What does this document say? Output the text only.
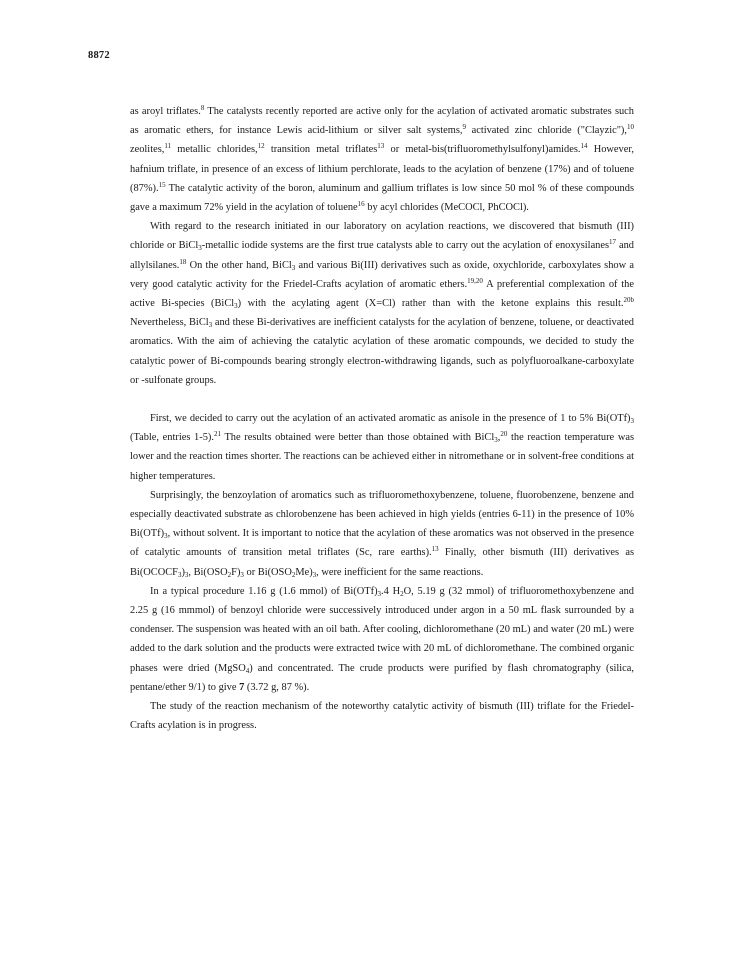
8872

as aroyl triflates.$^8$ The catalysts recently reported are active only for the acylation of activated aromatic substrates such as aromatic ethers, for instance Lewis acid-lithium or silver salt systems,$^9$ activated zinc chloride ("Clayzic"),$^{10}$ zeolites,$^{11}$ metallic chlorides,$^{12}$ transition metal triflates$^{13}$ or metal-bis(trifluoromethylsulfonyl)amides.$^{14}$ However, hafnium triflate, in presence of an excess of lithium perchlorate, leads to the acylation of benzene (17%) and of toluene (87%).$^{15}$ The catalytic activity of the boron, aluminum and gallium triflates is low since 50 mol % of these compounds gave a maximum 72% yield in the acylation of toluene$^{16}$ by acyl chlorides (MeCOCl, PhCOCl).

With regard to the research initiated in our laboratory on acylation reactions, we discovered that bismuth (III) chloride or BiCl$_3$-metallic iodide systems are the first true catalysts able to carry out the acylation of enoxysilanes$^{17}$ and allylsilanes.$^{18}$ On the other hand, BiCl$_3$ and various Bi(III) derivatives such as oxide, oxychloride, carboxylates show a very good catalytic activity for the Friedel-Crafts acylation of aromatic ethers.$^{19,20}$ A preferential complexation of the active Bi-species (BiCl$_3$) with the acylating agent (X=Cl) rather than with the ketone explains this result.$^{20b}$ Nevertheless, BiCl$_3$ and these Bi-derivatives are inefficient catalysts for the acylation of benzene, toluene, or deactivated aromatics. With the aim of achieving the catalytic acylation of these aromatic compounds, we decided to study the catalytic power of Bi-compounds bearing strongly electron-withdrawing ligands, such as polyfluoroalkane-carboxylate or -sulfonate groups.

First, we decided to carry out the acylation of an activated aromatic as anisole in the presence of 1 to 5% $Bi(OTf)_3$ (Table, entries 1-5).$^{21}$ The results obtained were better than those obtained with BiCl$_3$,$^{20}$ the reaction temperature was lower and the reaction times shorter. The reactions can be achieved either in nitromethane or in solvent-free conditions at higher temperatures.

Surprisingly, the benzoylation of aromatics such as trifluoromethoxybenzene, toluene, fluorobenzene, benzene and especially deactivated substrate as chlorobenzene has been achieved in high yields (entries 6-11) in the presence of 10% $Bi(OTf)_3$, without solvent. It is important to notice that the acylation of these aromatics was not observed in the presence of catalytic amounts of transition metal triflates (Sc, rare earths).$^{13}$ Finally, other bismuth (III) derivatives as $Bi(OCOCF_3)_3$, $Bi(OSO_2F)_3$ or $Bi(OSO_2Me)_3$, were inefficient for the same reactions.

In a typical procedure 1.16 g (1.6 mmol) of $Bi(OTf)_3.4$ $H_2O$, 5.19 g (32 mmol) of trifluoromethoxybenzene and 2.25 g (16 mmmol) of benzoyl chloride were successively introduced under argon in a 50 mL flask surrounded by a condenser. The suspension was heated with an oil bath. After cooling, dichloromethane (20 mL) and water (20 mL) were added to the dark solution and the products were extracted twice with 20 mL of dichloromethane. The combined organic phases were dried (MgSO$_4$) and concentrated. The crude products were purified by flash chromatography (silica, pentane/ether 9/1) to give 7 (3.72 g, 87 %).

The study of the reaction mechanism of the noteworthy catalytic activity of bismuth (III) triflate for the Friedel-Crafts acylation is in progress.
